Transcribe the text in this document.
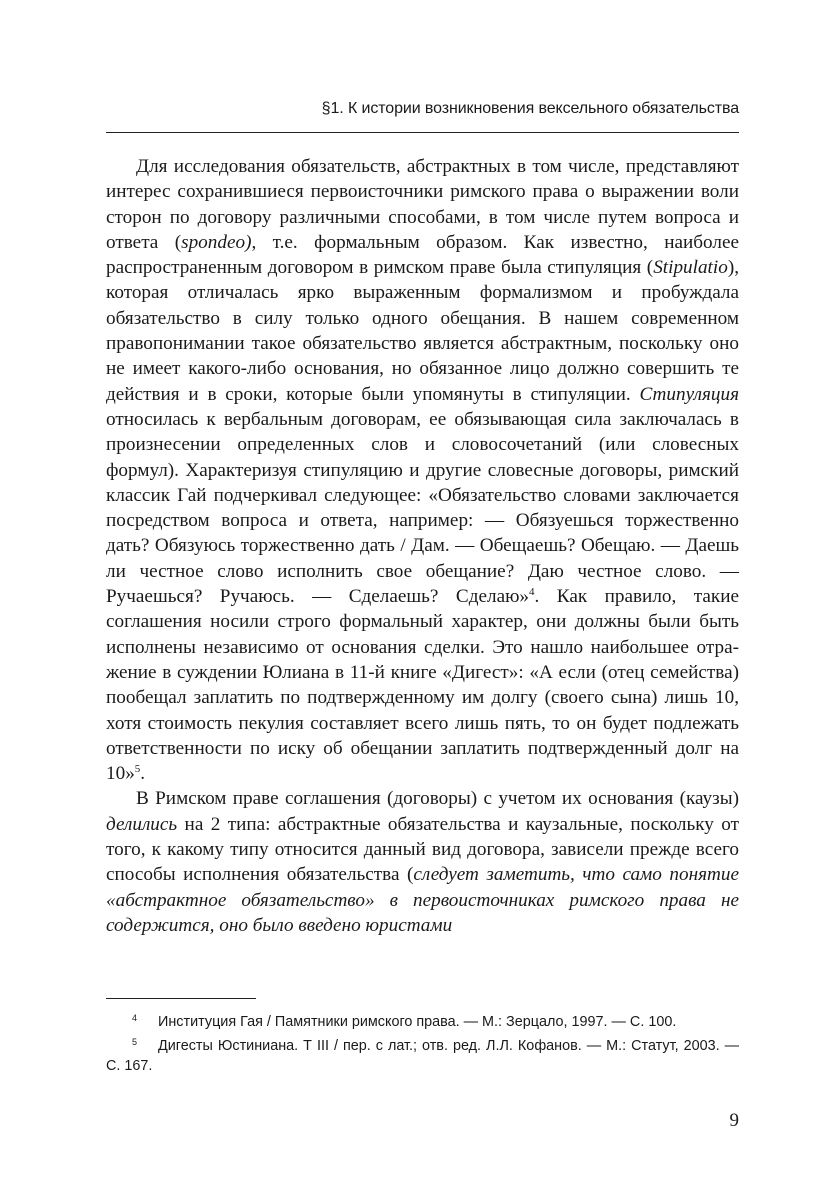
§1. К истории возникновения вексельного обязательства

Для исследования обязательств, абстрактных в том числе, представляют интерес сохранившиеся первоисточники римского права о выражении воли сторон по договору различными способами, в том числе путем вопроса и ответа (spondeo), т.е. формальным образом. Как известно, наиболее распространенным договором в римском праве была стипуляция (Stipulatio), которая отличалась ярко выраженным формализмом и пробуждала обязательство в силу только одного обещания. В нашем современном правопонимании такое обязательство является абстрактным, поскольку оно не имеет какого-либо основания, но обязанное лицо должно совершить те действия и в сроки, которые были упомянуты в стипуляции. Стипуляция относилась к вербальным договорам, ее обязывающая сила заключалась в произнесении определенных слов и словосочетаний (или словесных формул). Характеризуя стипуляцию и другие словесные договоры, римский классик Гай подчеркивал следующее: «Обязательство словами заключается посредством вопроса и ответа, например: — Обязуешься торжественно дать? Обязуюсь торжественно дать / Дам. — Обещаешь? Обещаю. — Даешь ли честное слово исполнить свое обещание? Даю честное слово. — Ручаешься? Ручаюсь. — Сделаешь? Сделаю»$^4$. Как правило, такие соглашения носили строго формальный характер, они должны были быть исполнены независимо от основания сделки. Это нашло наибольшее отражение в суждении Юлиана в 11-й книге «Дигест»: «А если (отец семейства) пообещал заплатить по подтвержденному им долгу (своего сына) лишь 10, хотя стоимость пекулия составляет всего лишь пять, то он будет подлежать ответственности по иску об обещании заплатить подтвержденный долг на 10»$^5$.

В Римском праве соглашения (договоры) с учетом их основания (каузы) делились на 2 типа: абстрактные обязательства и каузальные, поскольку от того, к какому типу относится данный вид договора, зависели прежде всего способы исполнения обязательства (следует заметить, что само понятие «абстрактное обязательство» в первоисточниках римского права не содержится, оно было введено юристами

4 Институция Гая / Памятники римского права. — М.: Зерцало, 1997. — С. 100.

5 Дигесты Юстиниана. Т III / пер. с лат.; отв. ред. Л.Л. Кофанов. — М.: Статут, 2003. — С. 167.

9
